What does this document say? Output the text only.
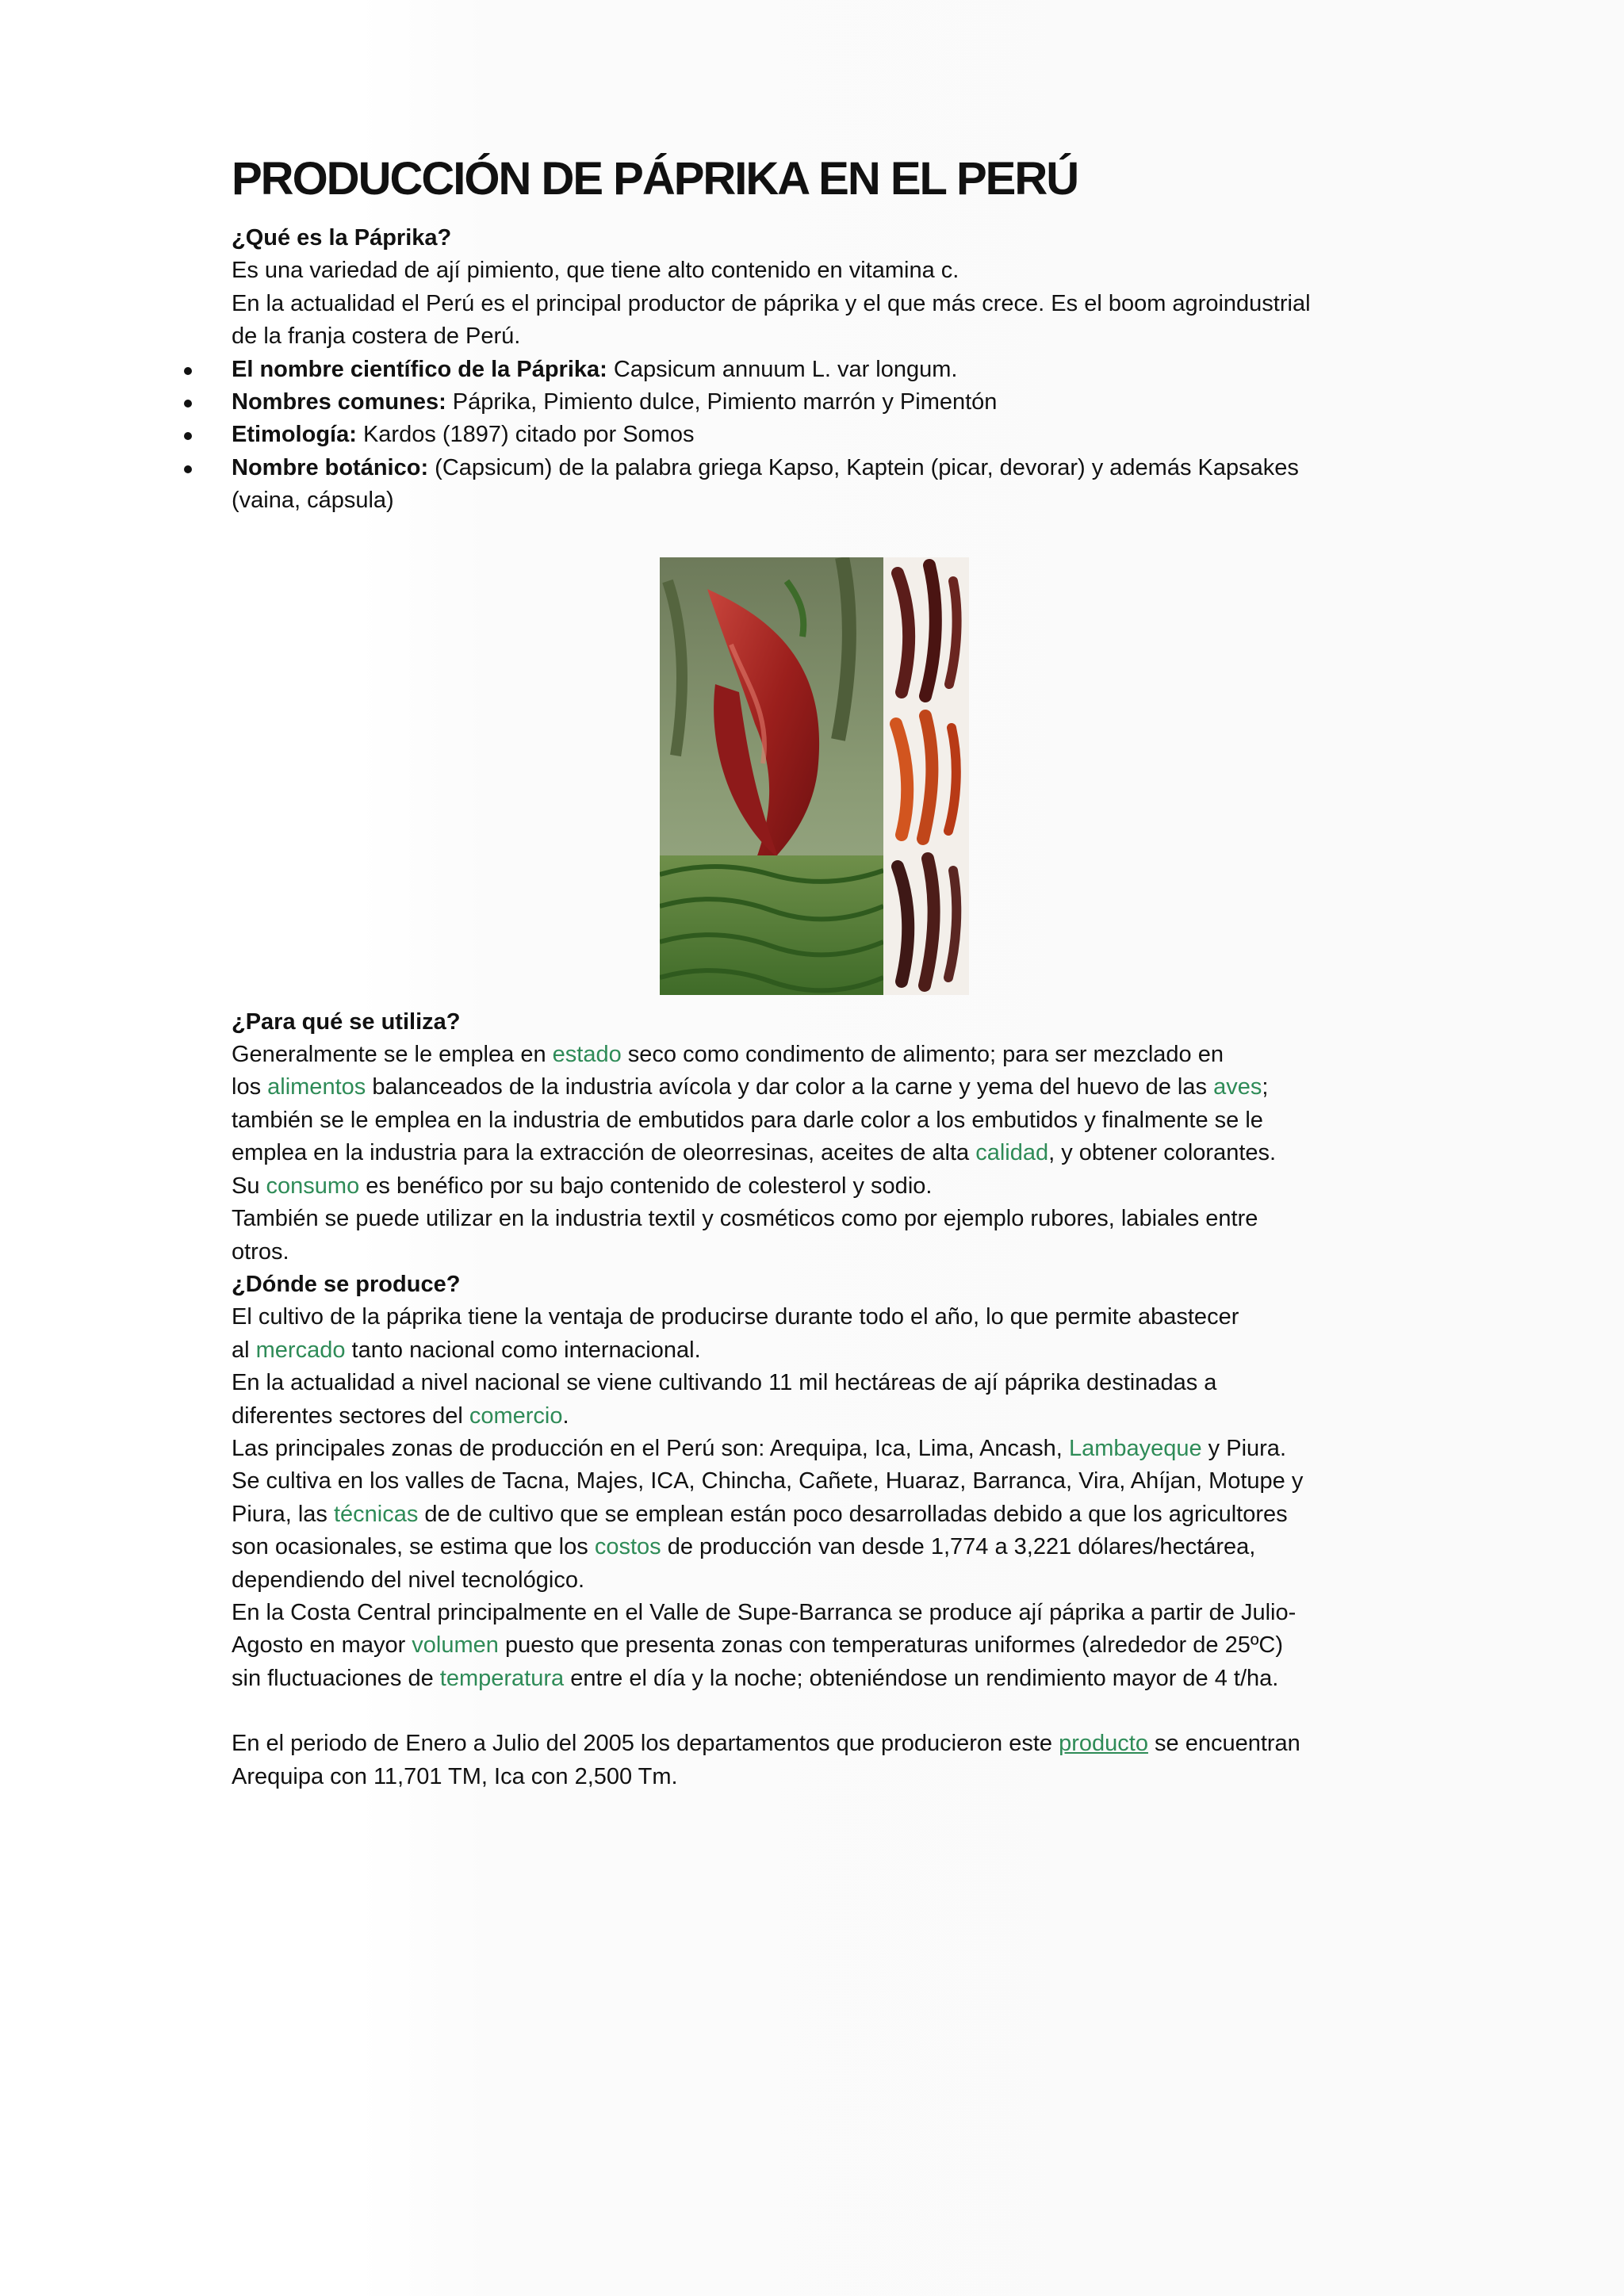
PRODUCCIÓN DE PÁPRIKA EN EL PERÚ

¿Qué es la Páprika?

Es una variedad de ají pimiento, que tiene alto contenido en vitamina c.

En la actualidad el Perú es el principal productor de páprika y el que más crece. Es el boom agroindustrial

de la franja costera de Perú.

El nombre científico de la Páprika: Capsicum annuum L. var longum.
Nombres comunes: Páprika, Pimiento dulce, Pimiento marrón y Pimentón
Etimología: Kardos (1897) citado por Somos
Nombre botánico: (Capsicum) de la palabra griega Kapso, Kaptein (picar, devorar) y además Kapsakes
(vaina, cápsula)

¿Para qué se utiliza?

Generalmente se le emplea en estado seco como condimento de alimento; para ser mezclado en

los alimentos balanceados de la industria avícola y dar color a la carne y yema del huevo de las aves;

también se le emplea en la industria de embutidos para darle color a los embutidos y finalmente se le

emplea en la industria para la extracción de oleorresinas, aceites de alta calidad, y obtener colorantes.

Su consumo es benéfico por su bajo contenido de colesterol y sodio.

También se puede utilizar en la industria textil y cosméticos como por ejemplo rubores, labiales entre

otros.

¿Dónde se produce?

El cultivo de la páprika tiene la ventaja de producirse durante todo el año, lo que permite abastecer

al mercado tanto nacional como internacional.

En la actualidad a nivel nacional se viene cultivando 11 mil hectáreas de ají páprika destinadas a

diferentes sectores del comercio.

Las principales zonas de producción en el Perú son: Arequipa, Ica, Lima, Ancash, Lambayeque y Piura.

Se cultiva en los valles de Tacna, Majes, ICA, Chincha, Cañete, Huaraz, Barranca, Vira, Ahíjan, Motupe y

Piura, las técnicas de de cultivo que se emplean están poco desarrolladas debido a que los agricultores

son ocasionales, se estima que los costos de producción van desde 1,774 a 3,221 dólares/hectárea,

dependiendo del nivel tecnológico.

En la Costa Central principalmente en el Valle de Supe-Barranca se produce ají páprika a partir de Julio-

Agosto en mayor volumen puesto que presenta zonas con temperaturas uniformes (alrededor de 25ºC)

sin fluctuaciones de temperatura entre el día y la noche; obteniéndose un rendimiento mayor de 4 t/ha.

En el periodo de Enero a Julio del 2005 los departamentos que producieron este producto se encuentran

Arequipa con 11,701 TM, Ica con 2,500 Tm.
